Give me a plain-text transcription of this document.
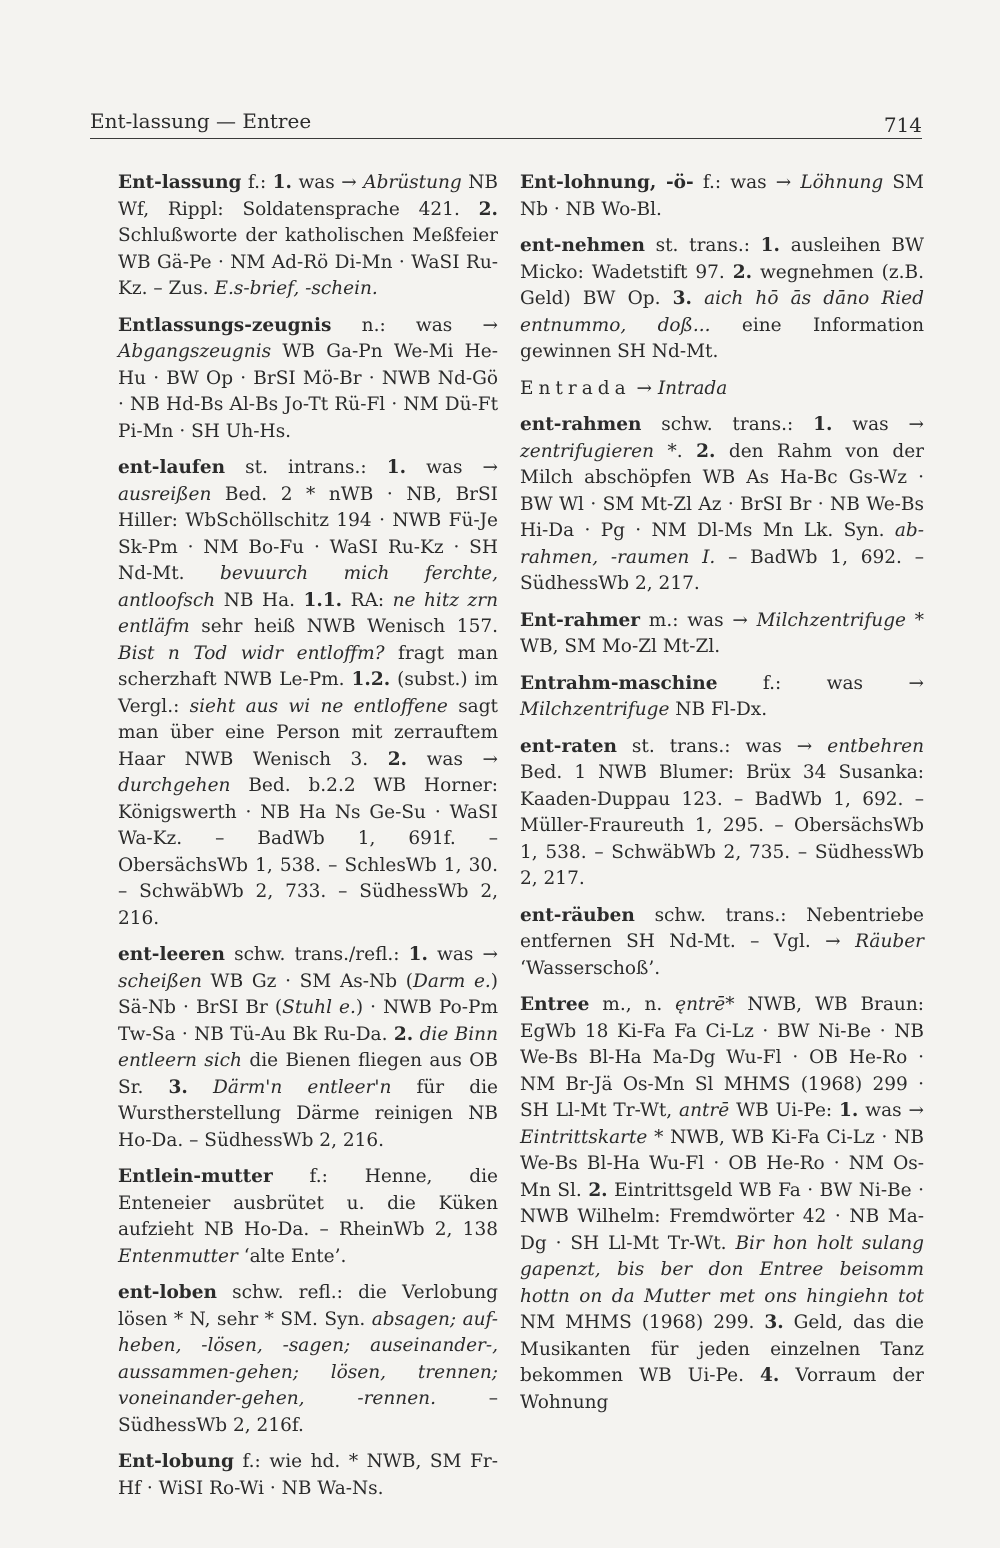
Ent-lassung — Entree	714

Ent-lassung f.: 1. was → Abrüstung NB Wf, Rippl: Soldatensprache 421. 2. Schlußworte der katholischen Meßfeier WB Gä-Pe · NM Ad-Rö Di-Mn · WaSI Ru-Kz. – Zus. E.s-brief, -schein.

Entlassungs-zeugnis n.: was → Abgangszeugnis WB Ga-Pn We-Mi He-Hu · BW Op · BrSI Mö-Br · NWB Nd-Gö · NB Hd-Bs Al-Bs Jo-Tt Rü-Fl · NM Dü-Ft Pi-Mn · SH Uh-Hs.

ent-laufen st. intrans.: 1. was → ausreißen Bed. 2 * nWB · NB, BrSI Hiller: WbSchöllschitz 194 · NWB Fü-Je Sk-Pm · NM Bo-Fu · WaSI Ru-Kz · SH Nd-Mt. bevuurch mich ferchte, antloofsch NB Ha. 1.1. RA: ne hitz zrn entläfm sehr heiß NWB Wenisch 157. Bist n Tod widr entloffm? fragt man scherzhaft NWB Le-Pm. 1.2. (subst.) im Vergl.: sieht aus wi ne entloffene sagt man über eine Person mit zerrauftem Haar NWB Wenisch 3. 2. was → durchgehen Bed. b.2.2 WB Horner: Königswerth · NB Ha Ns Ge-Su · WaSI Wa-Kz. – BadWb 1, 691f. – ObersächsWb 1, 538. – SchlesWb 1, 30. – SchwäbWb 2, 733. – SüdhessWb 2, 216.

ent-leeren schw. trans./refl.: 1. was → scheißen WB Gz · SM As-Nb (Darm e.) Sä-Nb · BrSI Br (Stuhl e.) · NWB Po-Pm Tw-Sa · NB Tü-Au Bk Ru-Da. 2. die Binn entleern sich die Bienen fliegen aus OB Sr. 3. Därm'n entleer'n für die Wurstherstellung Därme reinigen NB Ho-Da. – SüdhessWb 2, 216.

Entlein-mutter f.: Henne, die Enteneier ausbrütet u. die Küken aufzieht NB Ho-Da. – RheinWb 2, 138 Entenmutter ‘alte Ente’.

ent-loben schw. refl.: die Verlobung lösen * N, sehr * SM. Syn. absagen; auf-heben, -lösen, -sagen; auseinander-, aussammen-gehen; lösen, trennen; voneinander-gehen, -rennen. – SüdhessWb 2, 216f.

Ent-lobung f.: wie hd. * NWB, SM Fr-Hf · WiSI Ro-Wi · NB Wa-Ns.

Ent-lohnung, -ö- f.: was → Löhnung SM Nb · NB Wo-Bl.

ent-nehmen st. trans.: 1. ausleihen BW Micko: Wadetstift 97. 2. wegnehmen (z.B. Geld) BW Op. 3. aich hō ās dāno Ried entnummo, doß... eine Information gewinnen SH Nd-Mt.

Entrada → Intrada

ent-rahmen schw. trans.: 1. was → zentrifugieren *. 2. den Rahm von der Milch abschöpfen WB As Ha-Bc Gs-Wz · BW Wl · SM Mt-Zl Az · BrSI Br · NB We-Bs Hi-Da · Pg · NM Dl-Ms Mn Lk. Syn. ab-rahmen, -raumen I. – BadWb 1, 692. – SüdhessWb 2, 217.

Ent-rahmer m.: was → Milchzentrifuge * WB, SM Mo-Zl Mt-Zl.

Entrahm-maschine f.: was → Milchzentrifuge NB Fl-Dx.

ent-raten st. trans.: was → entbehren Bed. 1 NWB Blumer: Brüx 34 Susanka: Kaaden-Duppau 123. – BadWb 1, 692. – Müller-Fraureuth 1, 295. – ObersächsWb 1, 538. – SchwäbWb 2, 735. – SüdhessWb 2, 217.

ent-räuben schw. trans.: Nebentriebe entfernen SH Nd-Mt. – Vgl. → Räuber ‘Wasserschoß’.

Entree m., n. ęntrē* NWB, WB Braun: EgWb 18 Ki-Fa Fa Ci-Lz · BW Ni-Be · NB We-Bs Bl-Ha Ma-Dg Wu-Fl · OB He-Ro · NM Br-Jä Os-Mn Sl MHMS (1968) 299 · SH Ll-Mt Tr-Wt, antrē WB Ui-Pe: 1. was → Eintrittskarte * NWB, WB Ki-Fa Ci-Lz · NB We-Bs Bl-Ha Wu-Fl · OB He-Ro · NM Os-Mn Sl. 2. Eintrittsgeld WB Fa · BW Ni-Be · NWB Wilhelm: Fremdwörter 42 · NB Ma-Dg · SH Ll-Mt Tr-Wt. Bir hon holt sulang gapenzt, bis ber don Entree beisomm hottn on da Mutter met ons hingiehn tot NM MHMS (1968) 299. 3. Geld, das die Musikanten für jeden einzelnen Tanz bekommen WB Ui-Pe. 4. Vorraum der Wohnung
